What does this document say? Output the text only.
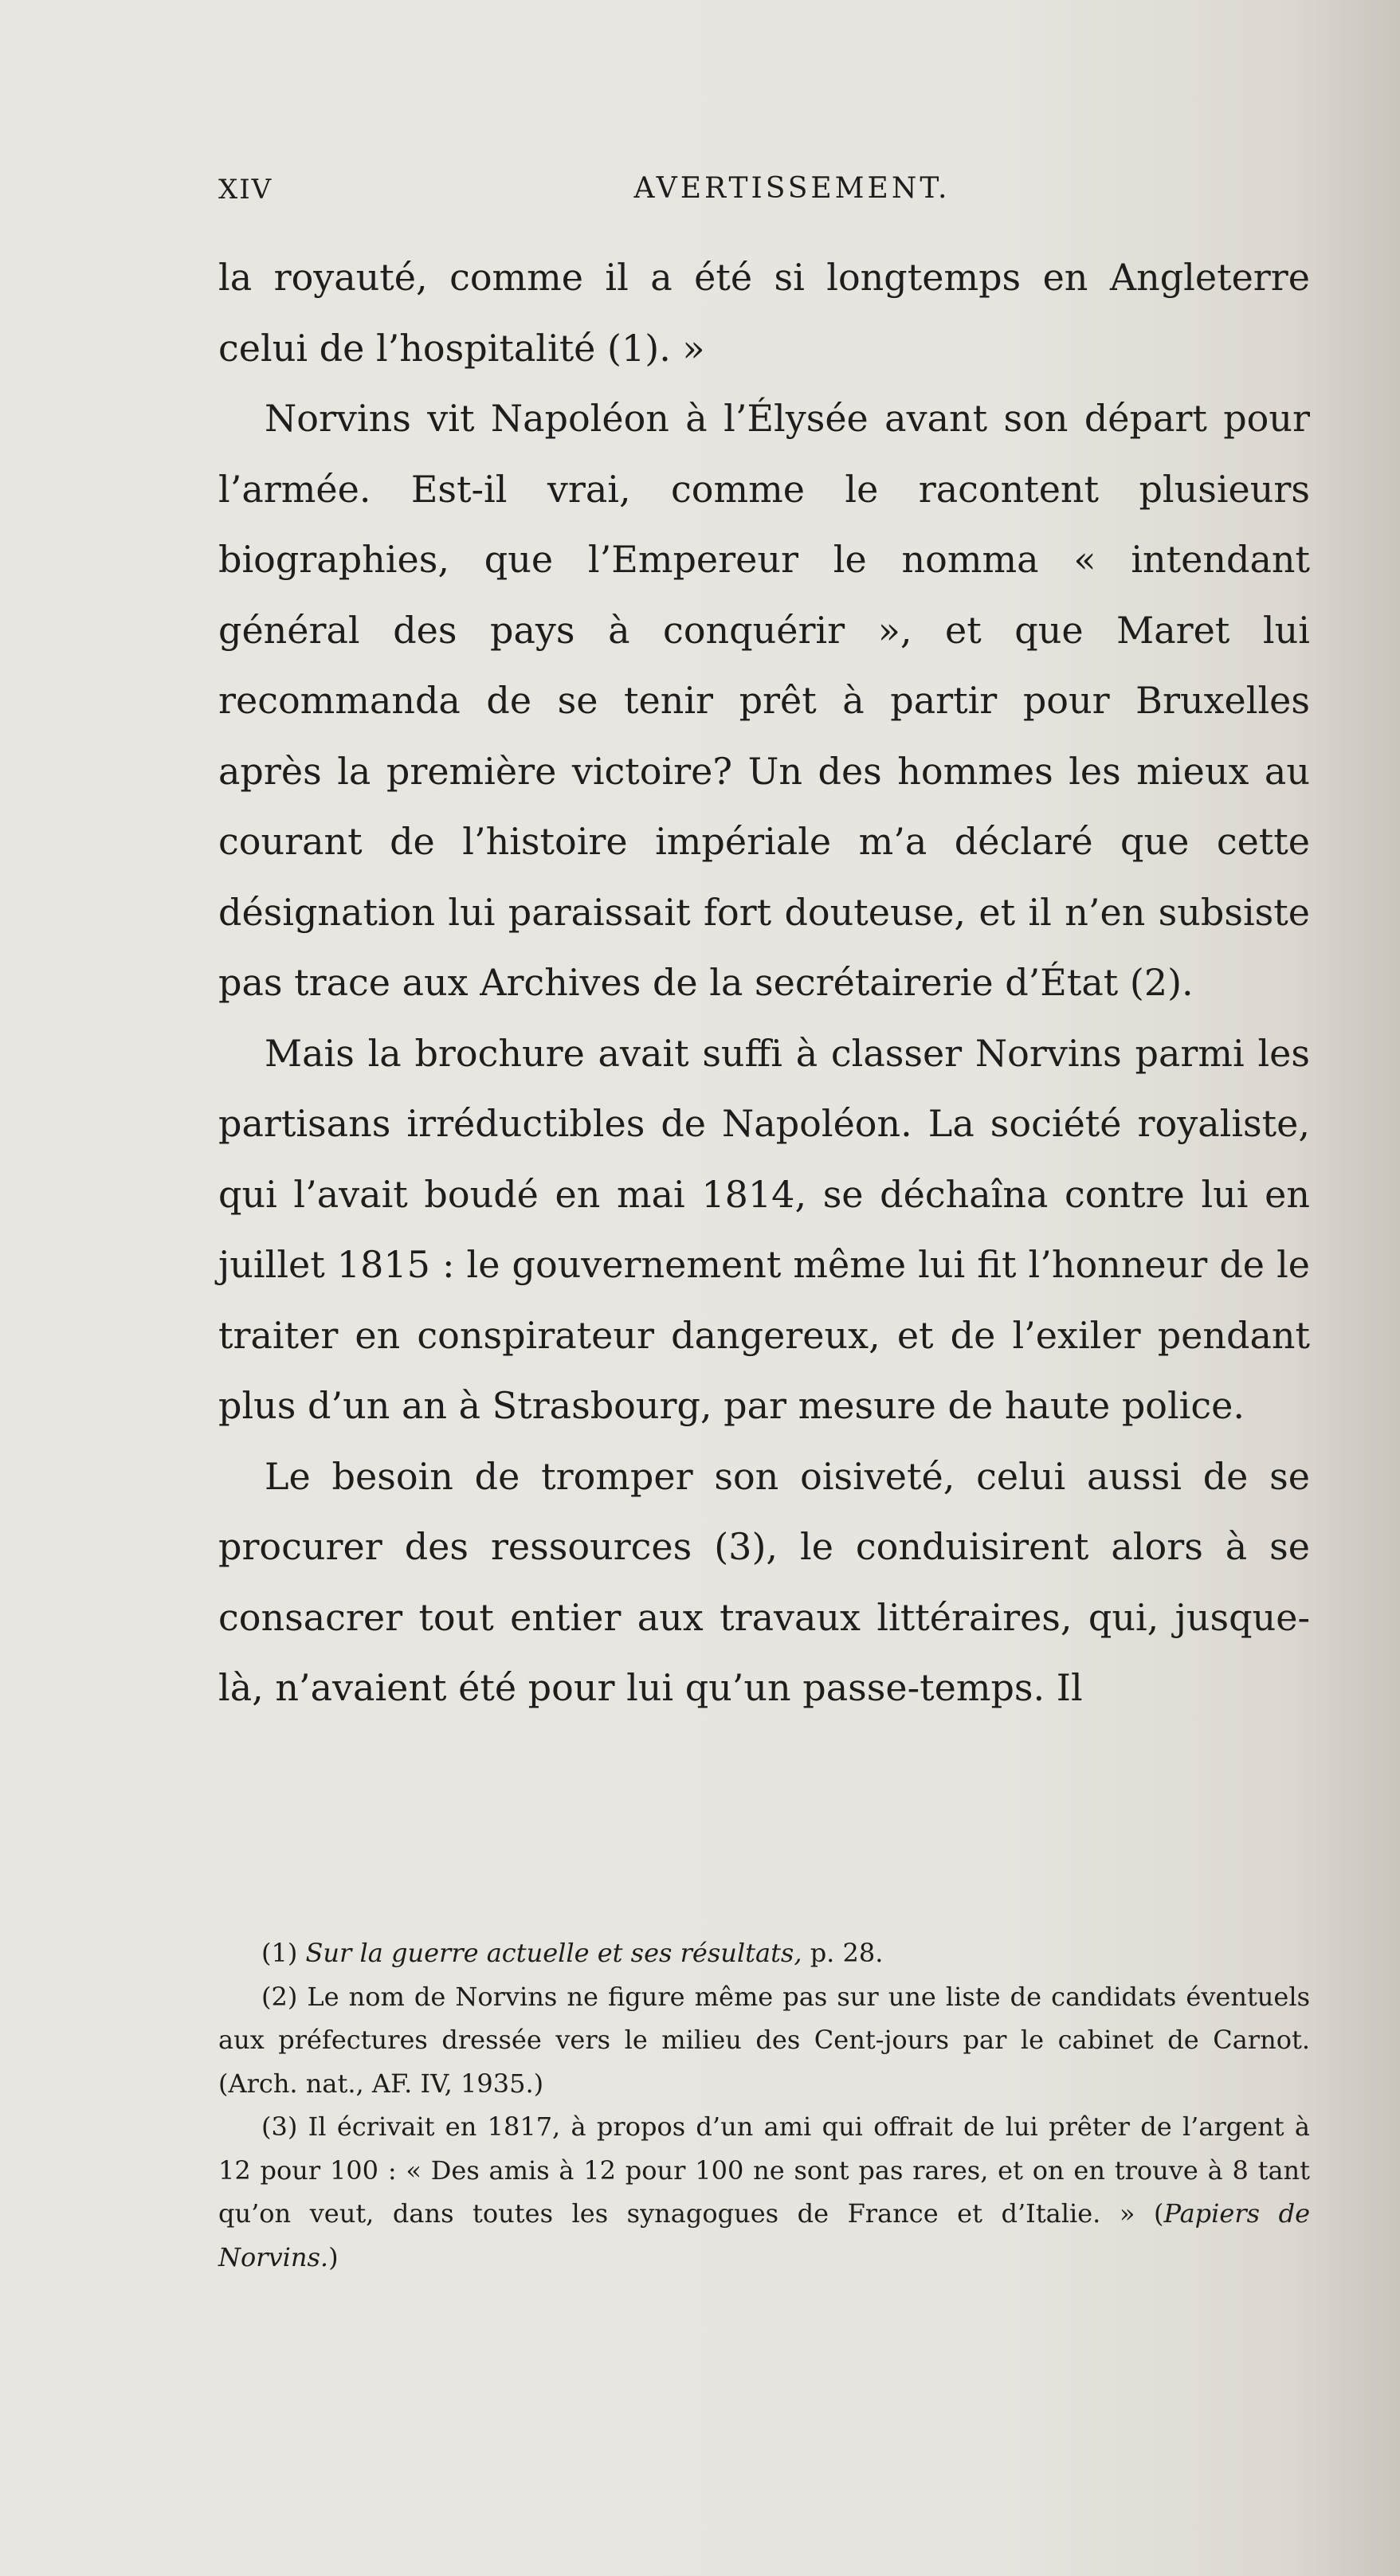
XIV	AVERTISSEMENT.

la royauté, comme il a été si longtemps en Angleterre celui de l’hospitalité (1). »

Norvins vit Napoléon à l’Élysée avant son départ pour l’armée. Est-il vrai, comme le racontent plusieurs biographies, que l’Empereur le nomma « intendant général des pays à conquérir », et que Maret lui recommanda de se tenir prêt à partir pour Bruxelles après la première victoire? Un des hommes les mieux au courant de l’histoire impériale m’a déclaré que cette désignation lui paraissait fort douteuse, et il n’en subsiste pas trace aux Archives de la secrétairerie d’État (2).

Mais la brochure avait suffi à classer Norvins parmi les partisans irréductibles de Napoléon. La société royaliste, qui l’avait boudé en mai 1814, se déchaîna contre lui en juillet 1815 : le gouvernement même lui fit l’honneur de le traiter en conspirateur dangereux, et de l’exiler pendant plus d’un an à Strasbourg, par mesure de haute police.

Le besoin de tromper son oisiveté, celui aussi de se procurer des ressources (3), le conduisirent alors à se consacrer tout entier aux travaux littéraires, qui, jusque-là, n’avaient été pour lui qu’un passe-temps. Il

(1) Sur la guerre actuelle et ses résultats, p. 28.

(2) Le nom de Norvins ne figure même pas sur une liste de candidats éventuels aux préfectures dressée vers le milieu des Cent-jours par le cabinet de Carnot. (Arch. nat., AF. IV, 1935.)

(3) Il écrivait en 1817, à propos d’un ami qui offrait de lui prêter de l’argent à 12 pour 100 : « Des amis à 12 pour 100 ne sont pas rares, et on en trouve à 8 tant qu’on veut, dans toutes les synagogues de France et d’Italie. » (Papiers de Norvins.)
